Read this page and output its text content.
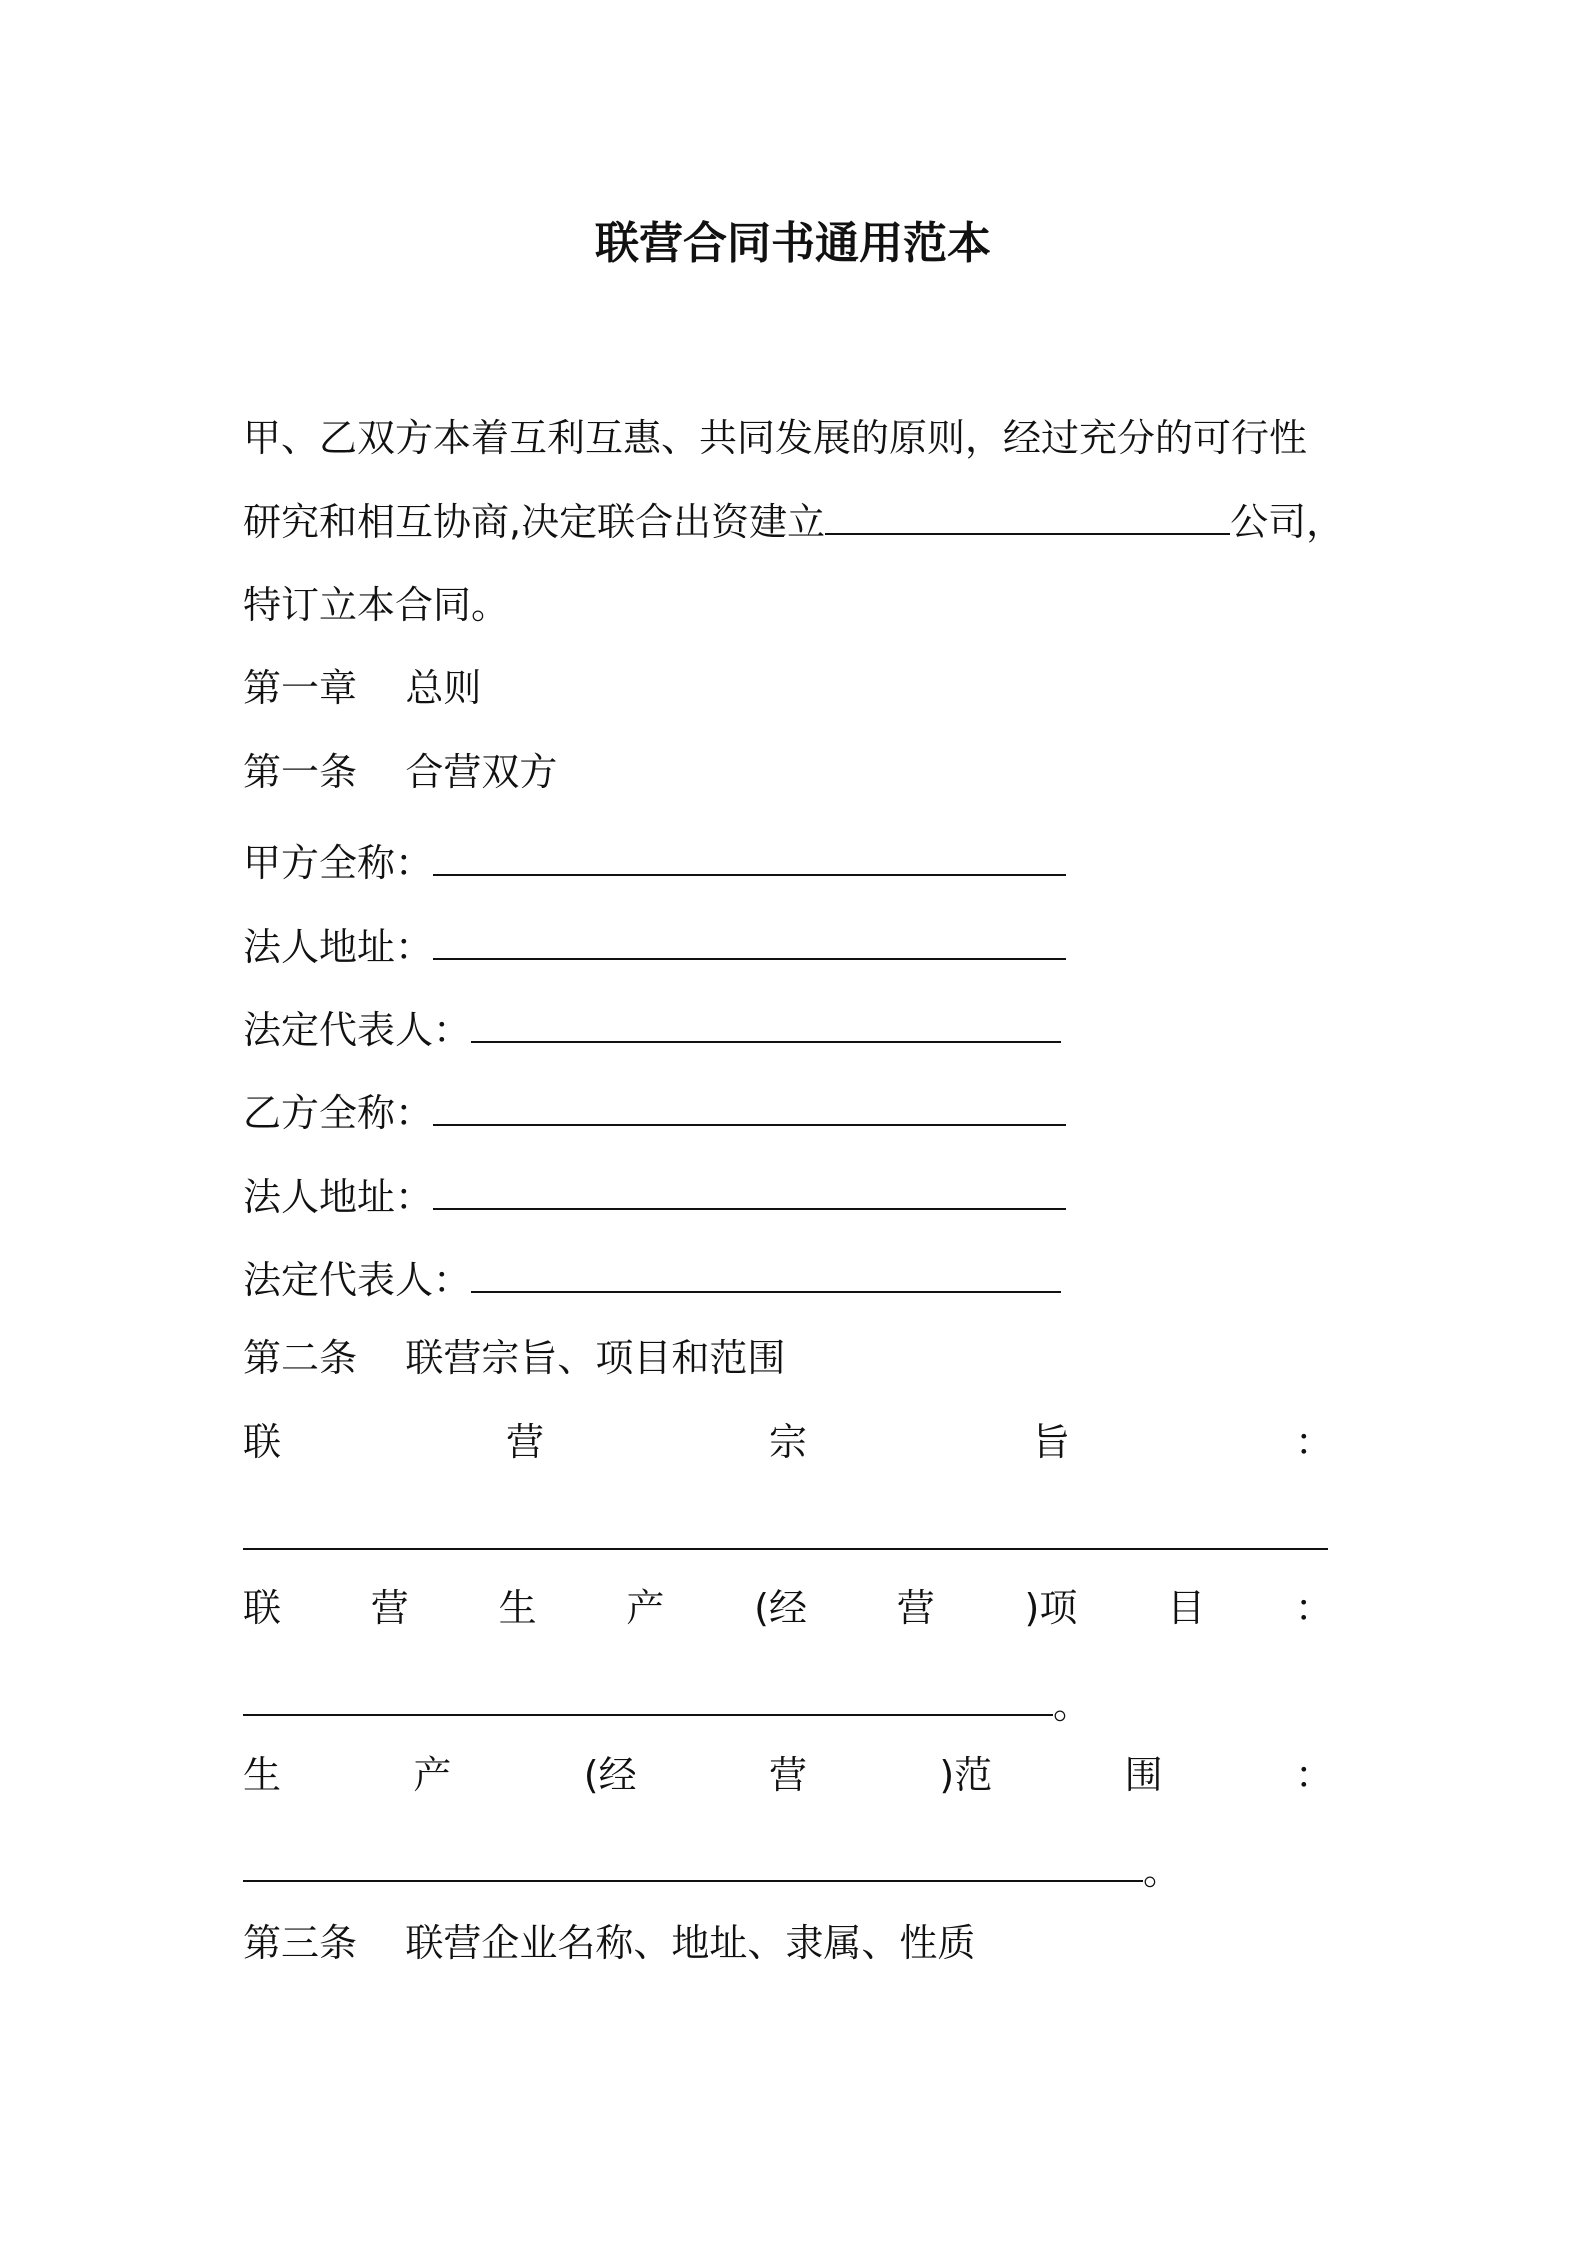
联营合同书通用范本
甲、乙双方本着互利互惠、共同发展的原则，经过充分的可行性
研究和相互协商,决定联合出资建立	公司，
特订立本合同。
第一章    总则
第一条    合营双方
甲方全称：
法人地址：
法定代表人：
乙方全称：
法人地址：
法定代表人：
第二条    联营宗旨、项目和范围
联	营	宗	旨	：
联 营 生 产 (经 营 )项 目 ：
。
生	产	(经	营	)范	围	：
。
第三条    联营企业名称、地址、隶属、性质
